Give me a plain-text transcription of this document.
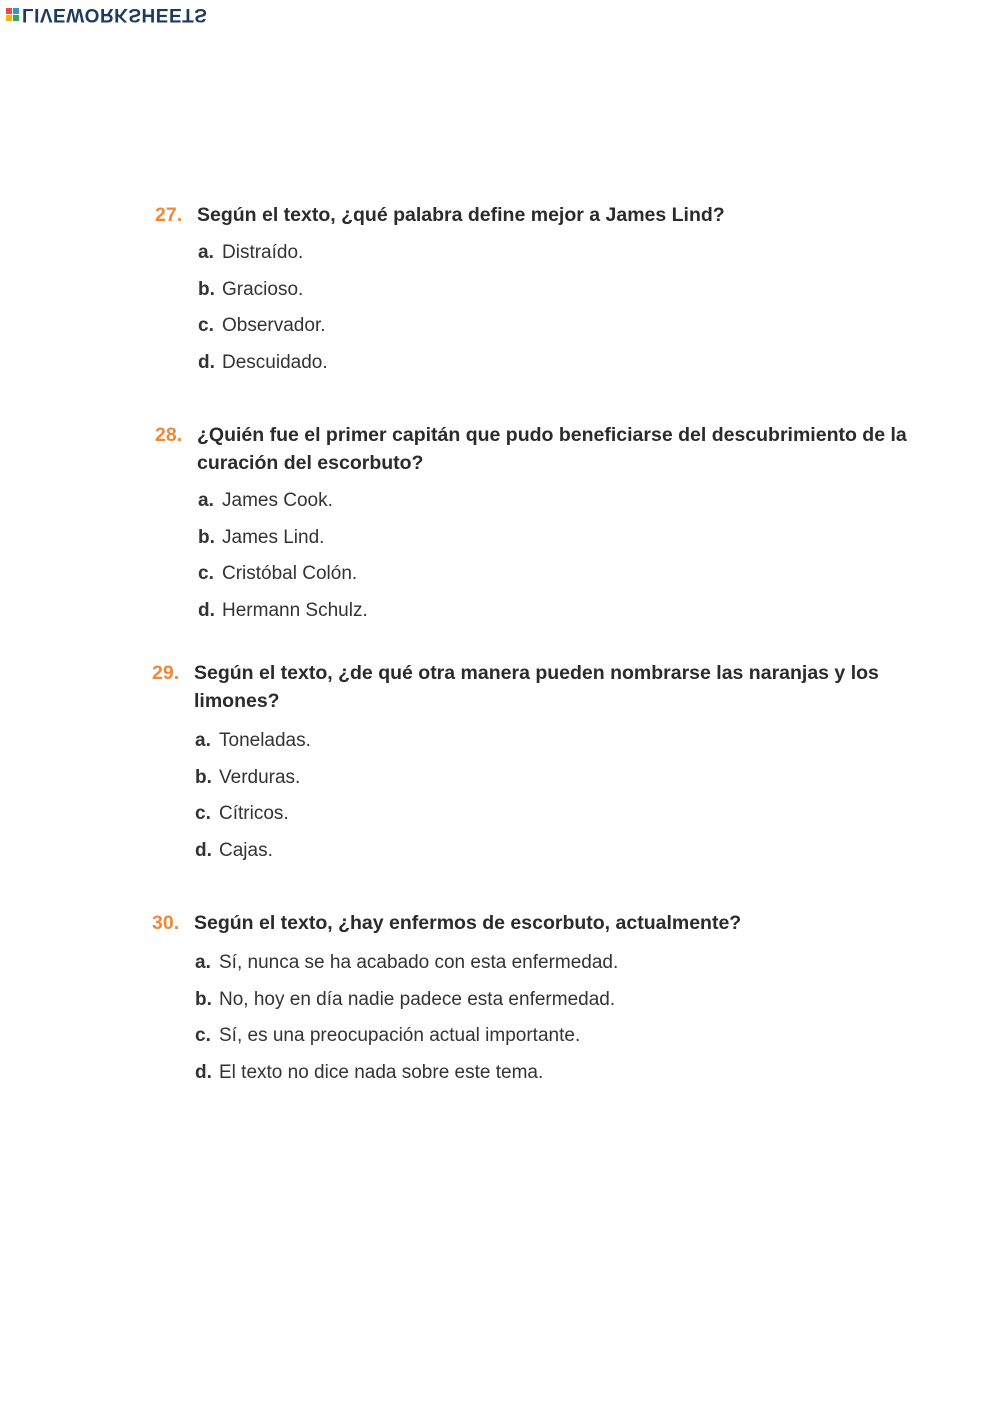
LIVEWORKSHEETS
27. Según el texto, ¿qué palabra define mejor a James Lind?
a. Distraído.
b. Gracioso.
c. Observador.
d. Descuidado.
28. ¿Quién fue el primer capitán que pudo beneficiarse del descubrimiento de la curación del escorbuto?
a. James Cook.
b. James Lind.
c. Cristóbal Colón.
d. Hermann Schulz.
29. Según el texto, ¿de qué otra manera pueden nombrarse las naranjas y los limones?
a. Toneladas.
b. Verduras.
c. Cítricos.
d. Cajas.
30. Según el texto, ¿hay enfermos de escorbuto, actualmente?
a. Sí, nunca se ha acabado con esta enfermedad.
b. No, hoy en día nadie padece esta enfermedad.
c. Sí, es una preocupación actual importante.
d. El texto no dice nada sobre este tema.
